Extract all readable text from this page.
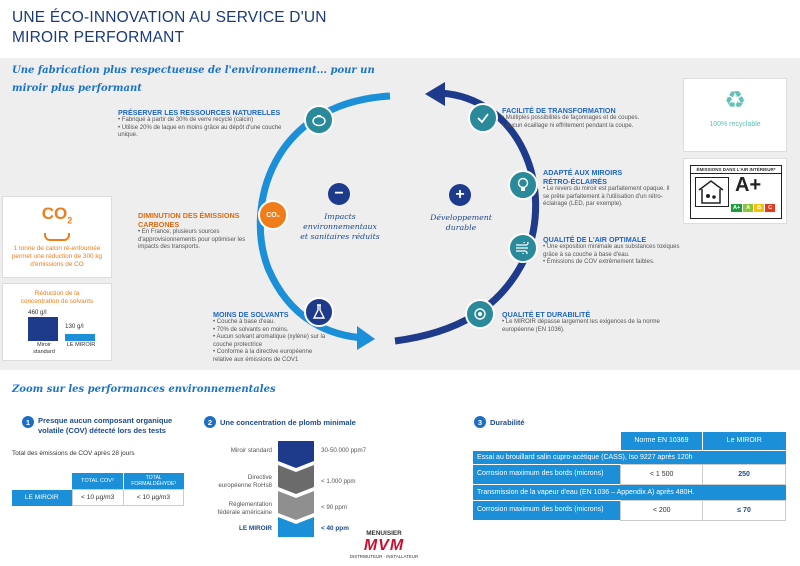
UNE ÉCO-INNOVATION AU SERVICE D'UN
MIROIR PERFORMANT
Une fabrication plus respectueuse de l'environnement... pour un
miroir plus performant
−	+
Impacts
environnementaux
et sanitaires réduits
Développement
durable
CO₂
PRÉSERVER LES RESSOURCES NATURELLES
• Fabriqué à partir de 30% de verre recyclé (calcin)
• Utilise 20% de laque en moins grâce au dépôt d'une couche unique.
DIMINUTION DES ÉMISSIONS
CARBONES
• En France, plusieurs sources d'approvisionnements pour optimiser les impacts des transports.
MOINS DE SOLVANTS
• Couche à base d'eau.
• 70% de solvants en moins.
• Aucun solvant aromatique (xylène) sur la couche protectrice
• Conforme à la directive européenne relative aux émissions de COV1
FACILITÉ DE TRANSFORMATION
• Multiples possibilités de façonnages et de coupes.
• Aucun écaillage ni effritement pendant la coupe.
ADAPTÉ AUX MIROIRS
RÉTRO-ÉCLAIRÉS
• Le revers du miroir est parfaitement opaque. Il se prête parfaitement à l'utilisation d'un rétro-éclairage (LED, par exemple).
QUALITÉ DE L'AIR OPTIMALE
• Une exposition minimale aux substances toxiques grâce à sa couche à base d'eau.
• Émissions de COV extrêmement faibles.
QUALITÉ ET DURABILITÉ
• Le MIROIR dépasse largement les exigences de la norme européenne (EN 1036).
♻
100% recyclable
ÉMISSIONS DANS L'AIR INTÉRIEUR*
A+
A+	A	B	C
$CO_2$
1 tonne de calcin ré-enfournée permet une réduction de 300 kg d'émissions de CO
Réduction de la
concentration de solvants
460 g/l
Miroir
standard
130 g/l
LE MIROIR
Zoom sur les performances environnementales
1	Presque aucun composant organique
volatile (COV) détecté lors des tests
Total des émissions de COV après 28 jours
	TOTAL COV²	TOTAL
FORMALDÉHYDE²

LE MIROIR	< 10 µg/m3	< 10 µg/m3
2	Une concentration de plomb minimale
Miroir standard
Directive
européenne RoHs8
Réglementation
fédérale américaine
LE MIROIR
30-50.000 ppm7
< 1.000 ppm
< 90 ppm
< 40 ppm
MENUISIER
MVM
DISTRIBUTEUR · INSTALLATEUR
3	Durabilité
	Norme EN 10369	Le MIROIR
Essai au brouillard salin cupro-acétique (CASS), Iso 9227 après 120h		
Corrosion maximum des bords (microns)	< 1 500	250
Transmission de la vapeur d'eau (EN 1036 – Appendix A) après 480H.		
Corrosion maximum des bords (microns)	< 200	≤ 70
